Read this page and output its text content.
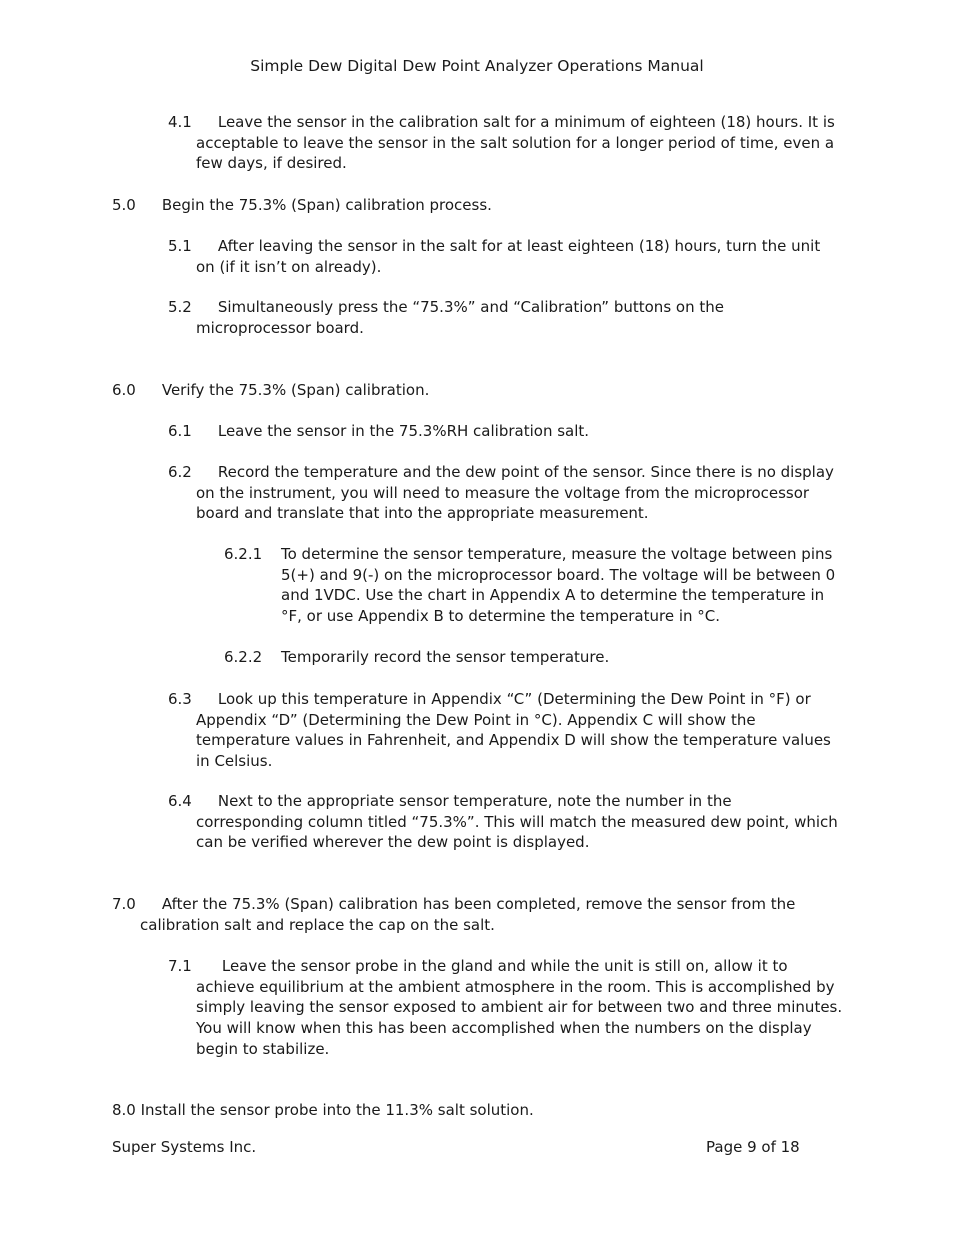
Simple Dew Digital Dew Point Analyzer Operations Manual
4.1 Leave the sensor in the calibration salt for a minimum of eighteen (18) hours. It is
acceptable to leave the sensor in the salt solution for a longer period of time, even a few days, if desired.
5.0 Begin the 75.3% (Span) calibration process.
5.1 After leaving the sensor in the salt for at least eighteen (18) hours, turn the unit
on (if it isn’t on already).
5.2 Simultaneously press the “75.3%” and “Calibration” buttons on the
microprocessor board.
6.0 Verify the 75.3% (Span) calibration.
6.1 Leave the sensor in the 75.3%RH calibration salt.
6.2 Record the temperature and the dew point of the sensor. Since there is no display
on the instrument, you will need to measure the voltage from the microprocessor board and translate that into the appropriate measurement.
6.2.1	To determine the sensor temperature, measure the voltage between pins 5(+) and 9(-) on the microprocessor board. The voltage will be between 0 and 1VDC. Use the chart in Appendix A to determine the temperature in °F, or use Appendix B to determine the temperature in °C.
6.2.2	Temporarily record the sensor temperature.
6.3 Look up this temperature in Appendix “C” (Determining the Dew Point in °F) or
Appendix “D” (Determining the Dew Point in °C). Appendix C will show the temperature values in Fahrenheit, and Appendix D will show the temperature values in Celsius.
6.4 Next to the appropriate sensor temperature, note the number in the
corresponding column titled “75.3%”. This will match the measured dew point, which can be verified wherever the dew point is displayed.
7.0 After the 75.3% (Span) calibration has been completed, remove the sensor from the
calibration salt and replace the cap on the salt.
7.1 Leave the sensor probe in the gland and while the unit is still on, allow it to
achieve equilibrium at the ambient atmosphere in the room. This is accomplished by simply leaving the sensor exposed to ambient air for between two and three minutes. You will know when this has been accomplished when the numbers on the display begin to stabilize.
8.0 Install the sensor probe into the 11.3% salt solution.
Super Systems Inc.	Page 9 of 18
